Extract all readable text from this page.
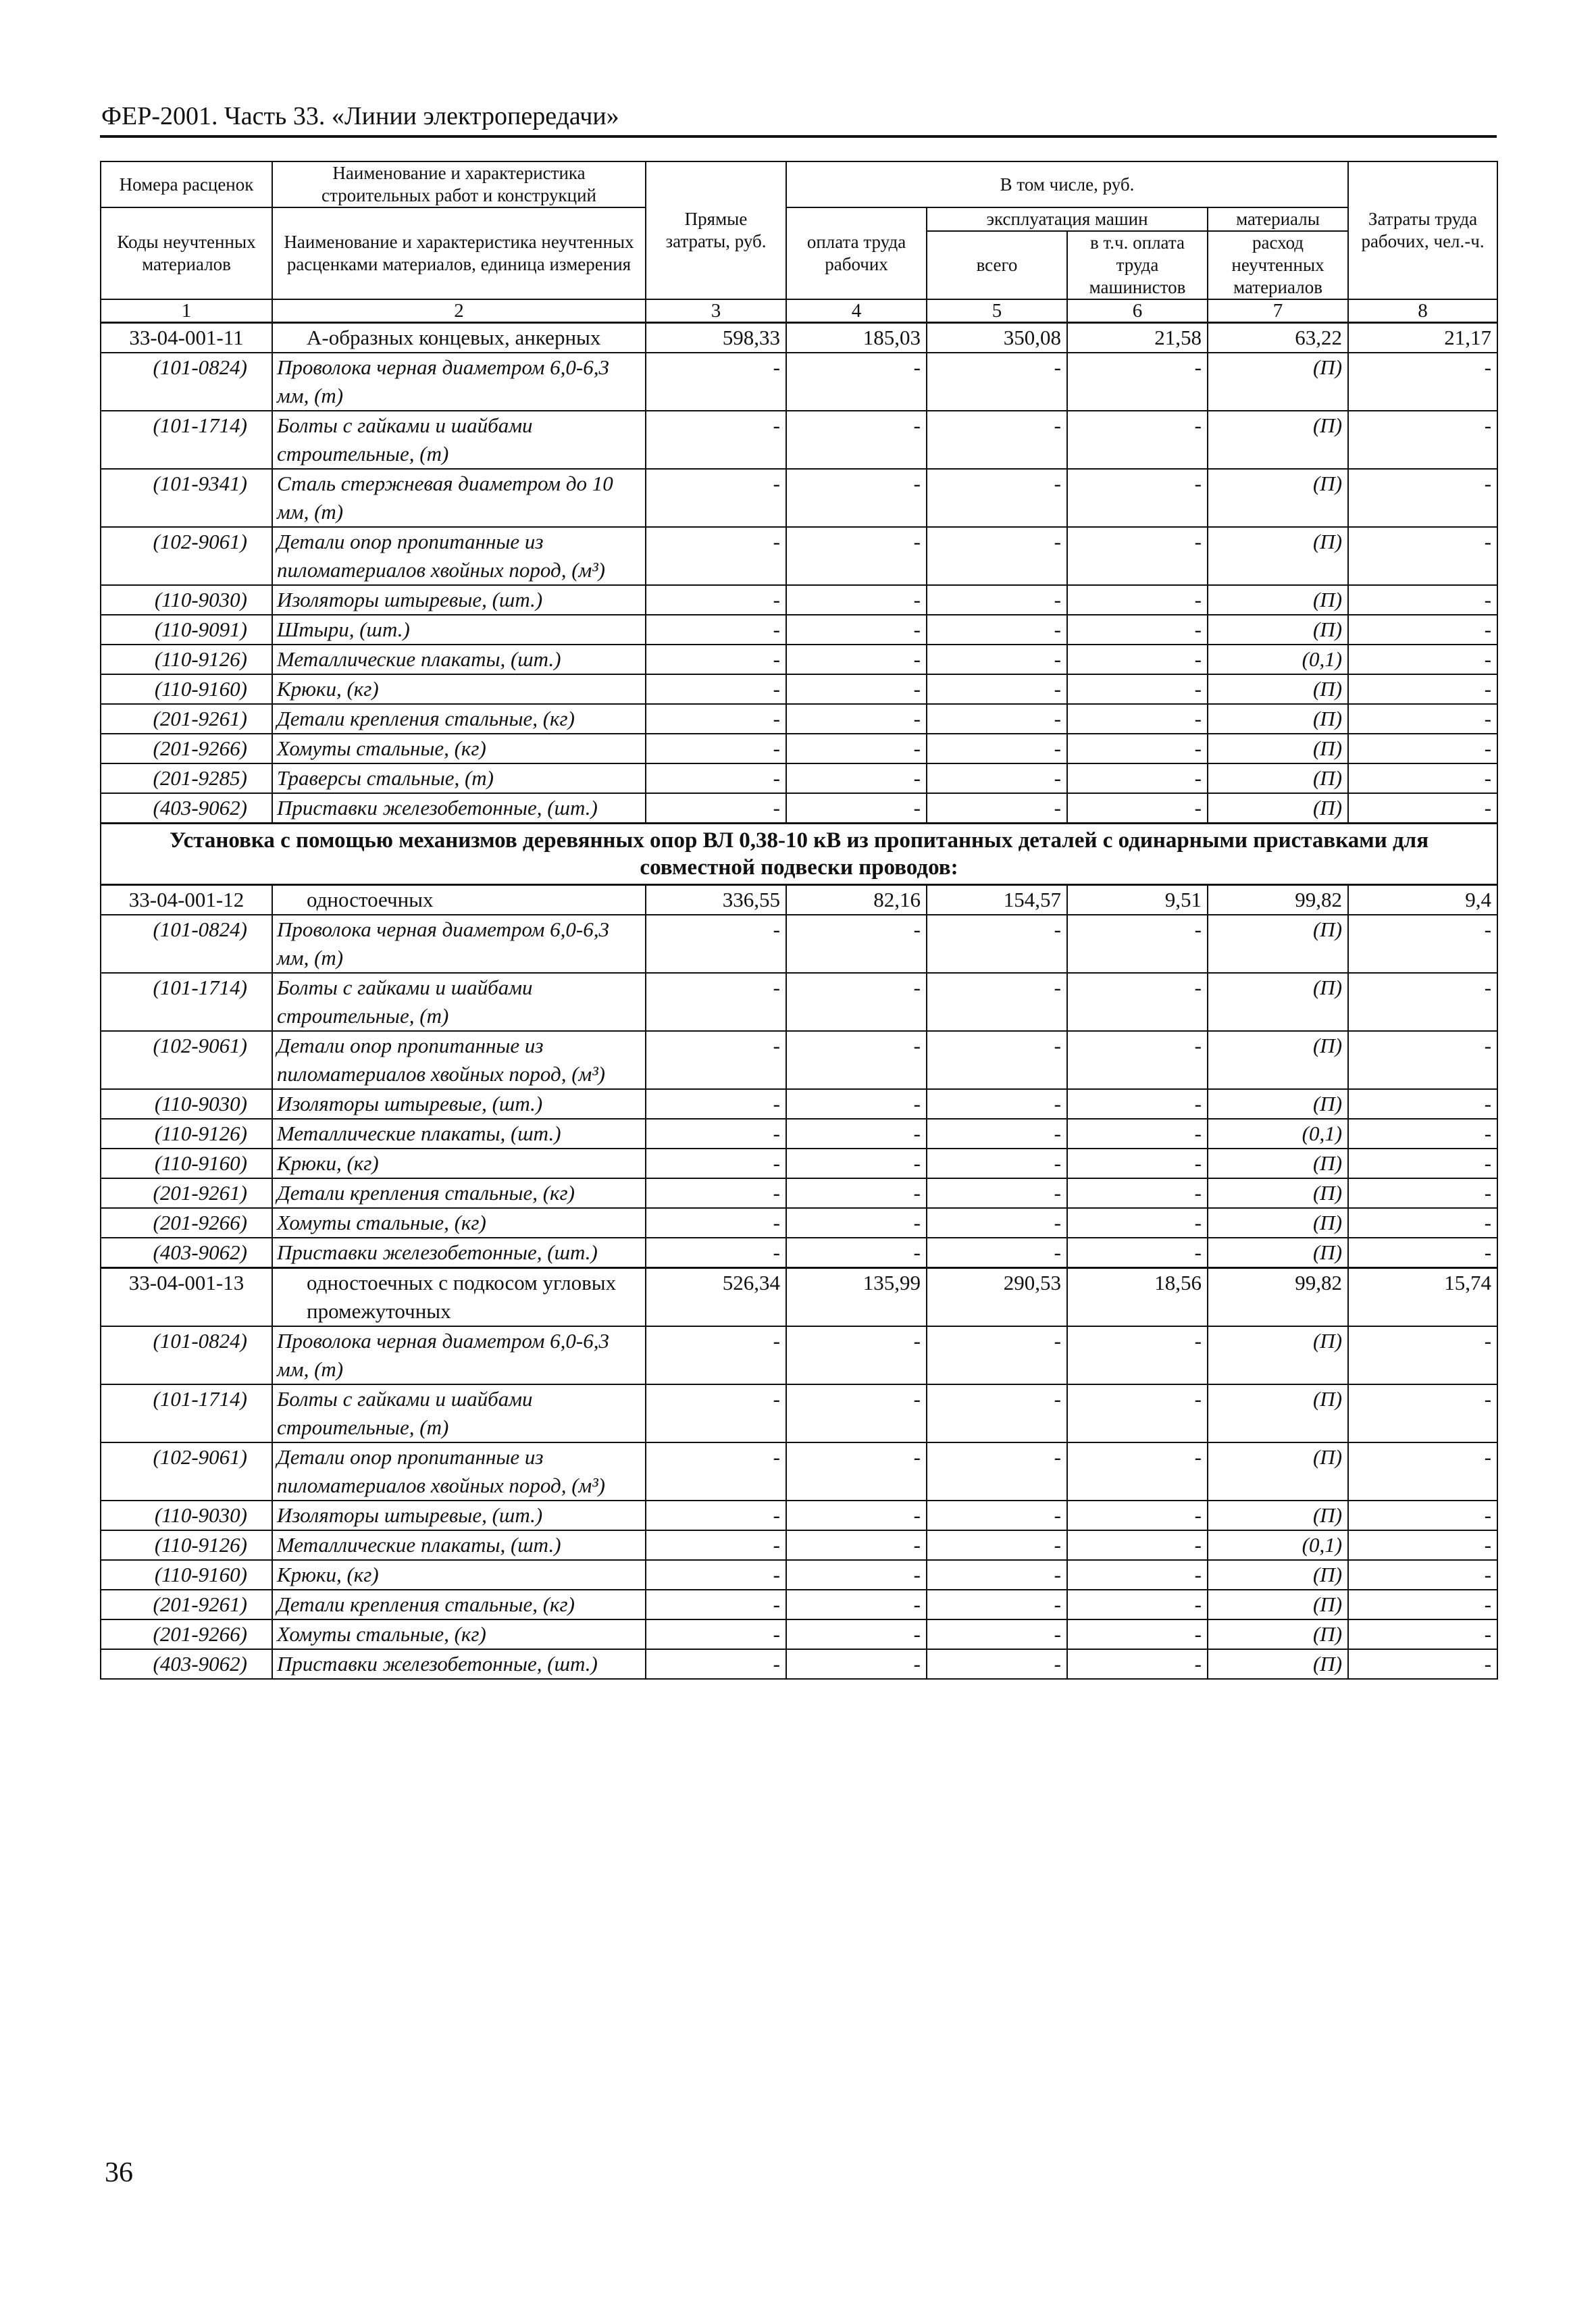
ФЕР-2001. Часть 33. «Линии электропередачи»
Номера расценок	Наименование и характеристика строительных работ и конструкций	Прямые затраты, руб.	В том числе, руб.				Затраты труда рабочих, чел.-ч.
Коды неучтенных материалов	Наименование и характеристика неучтенных расценками материалов, единица измерения		оплата труда рабочих	эксплуатация машин		материалы	
				всего	в т.ч. оплата труда машинистов	расход неучтенных материалов	
1	2	3	4	5	6	7	8
33-04-001-11	А-образных концевых, анкерных	598,33	185,03	350,08	21,58	63,22	21,17
(101-0824)	Проволока черная диаметром 6,0-6,3 мм, (т)	-	-	-	-	(П)	-
(101-1714)	Болты с гайками и шайбами строительные, (т)	-	-	-	-	(П)	-
(101-9341)	Сталь стержневая диаметром до 10 мм, (т)	-	-	-	-	(П)	-
(102-9061)	Детали опор пропитанные из пиломатериалов хвойных пород, (м³)	-	-	-	-	(П)	-
(110-9030)	Изоляторы штыревые, (шт.)	-	-	-	-	(П)	-
(110-9091)	Штыри, (шт.)	-	-	-	-	(П)	-
(110-9126)	Металлические плакаты, (шт.)	-	-	-	-	(0,1)	-
(110-9160)	Крюки, (кг)	-	-	-	-	(П)	-
(201-9261)	Детали крепления стальные, (кг)	-	-	-	-	(П)	-
(201-9266)	Хомуты стальные, (кг)	-	-	-	-	(П)	-
(201-9285)	Траверсы стальные, (т)	-	-	-	-	(П)	-
(403-9062)	Приставки железобетонные, (шт.)	-	-	-	-	(П)	-
Установка с помощью механизмов деревянных опор ВЛ 0,38-10 кВ из пропитанных деталей с одинарными приставками для совместной подвески проводов:							
33-04-001-12	одностоечных	336,55	82,16	154,57	9,51	99,82	9,4
(101-0824)	Проволока черная диаметром 6,0-6,3 мм, (т)	-	-	-	-	(П)	-
(101-1714)	Болты с гайками и шайбами строительные, (т)	-	-	-	-	(П)	-
(102-9061)	Детали опор пропитанные из пиломатериалов хвойных пород, (м³)	-	-	-	-	(П)	-
(110-9030)	Изоляторы штыревые, (шт.)	-	-	-	-	(П)	-
(110-9126)	Металлические плакаты, (шт.)	-	-	-	-	(0,1)	-
(110-9160)	Крюки, (кг)	-	-	-	-	(П)	-
(201-9261)	Детали крепления стальные, (кг)	-	-	-	-	(П)	-
(201-9266)	Хомуты стальные, (кг)	-	-	-	-	(П)	-
(403-9062)	Приставки железобетонные, (шт.)	-	-	-	-	(П)	-
33-04-001-13	одностоечных с подкосом угловых промежуточных	526,34	135,99	290,53	18,56	99,82	15,74
(101-0824)	Проволока черная диаметром 6,0-6,3 мм, (т)	-	-	-	-	(П)	-
(101-1714)	Болты с гайками и шайбами строительные, (т)	-	-	-	-	(П)	-
(102-9061)	Детали опор пропитанные из пиломатериалов хвойных пород, (м³)	-	-	-	-	(П)	-
(110-9030)	Изоляторы штыревые, (шт.)	-	-	-	-	(П)	-
(110-9126)	Металлические плакаты, (шт.)	-	-	-	-	(0,1)	-
(110-9160)	Крюки, (кг)	-	-	-	-	(П)	-
(201-9261)	Детали крепления стальные, (кг)	-	-	-	-	(П)	-
(201-9266)	Хомуты стальные, (кг)	-	-	-	-	(П)	-
(403-9062)	Приставки железобетонные, (шт.)	-	-	-	-	(П)	-
36
